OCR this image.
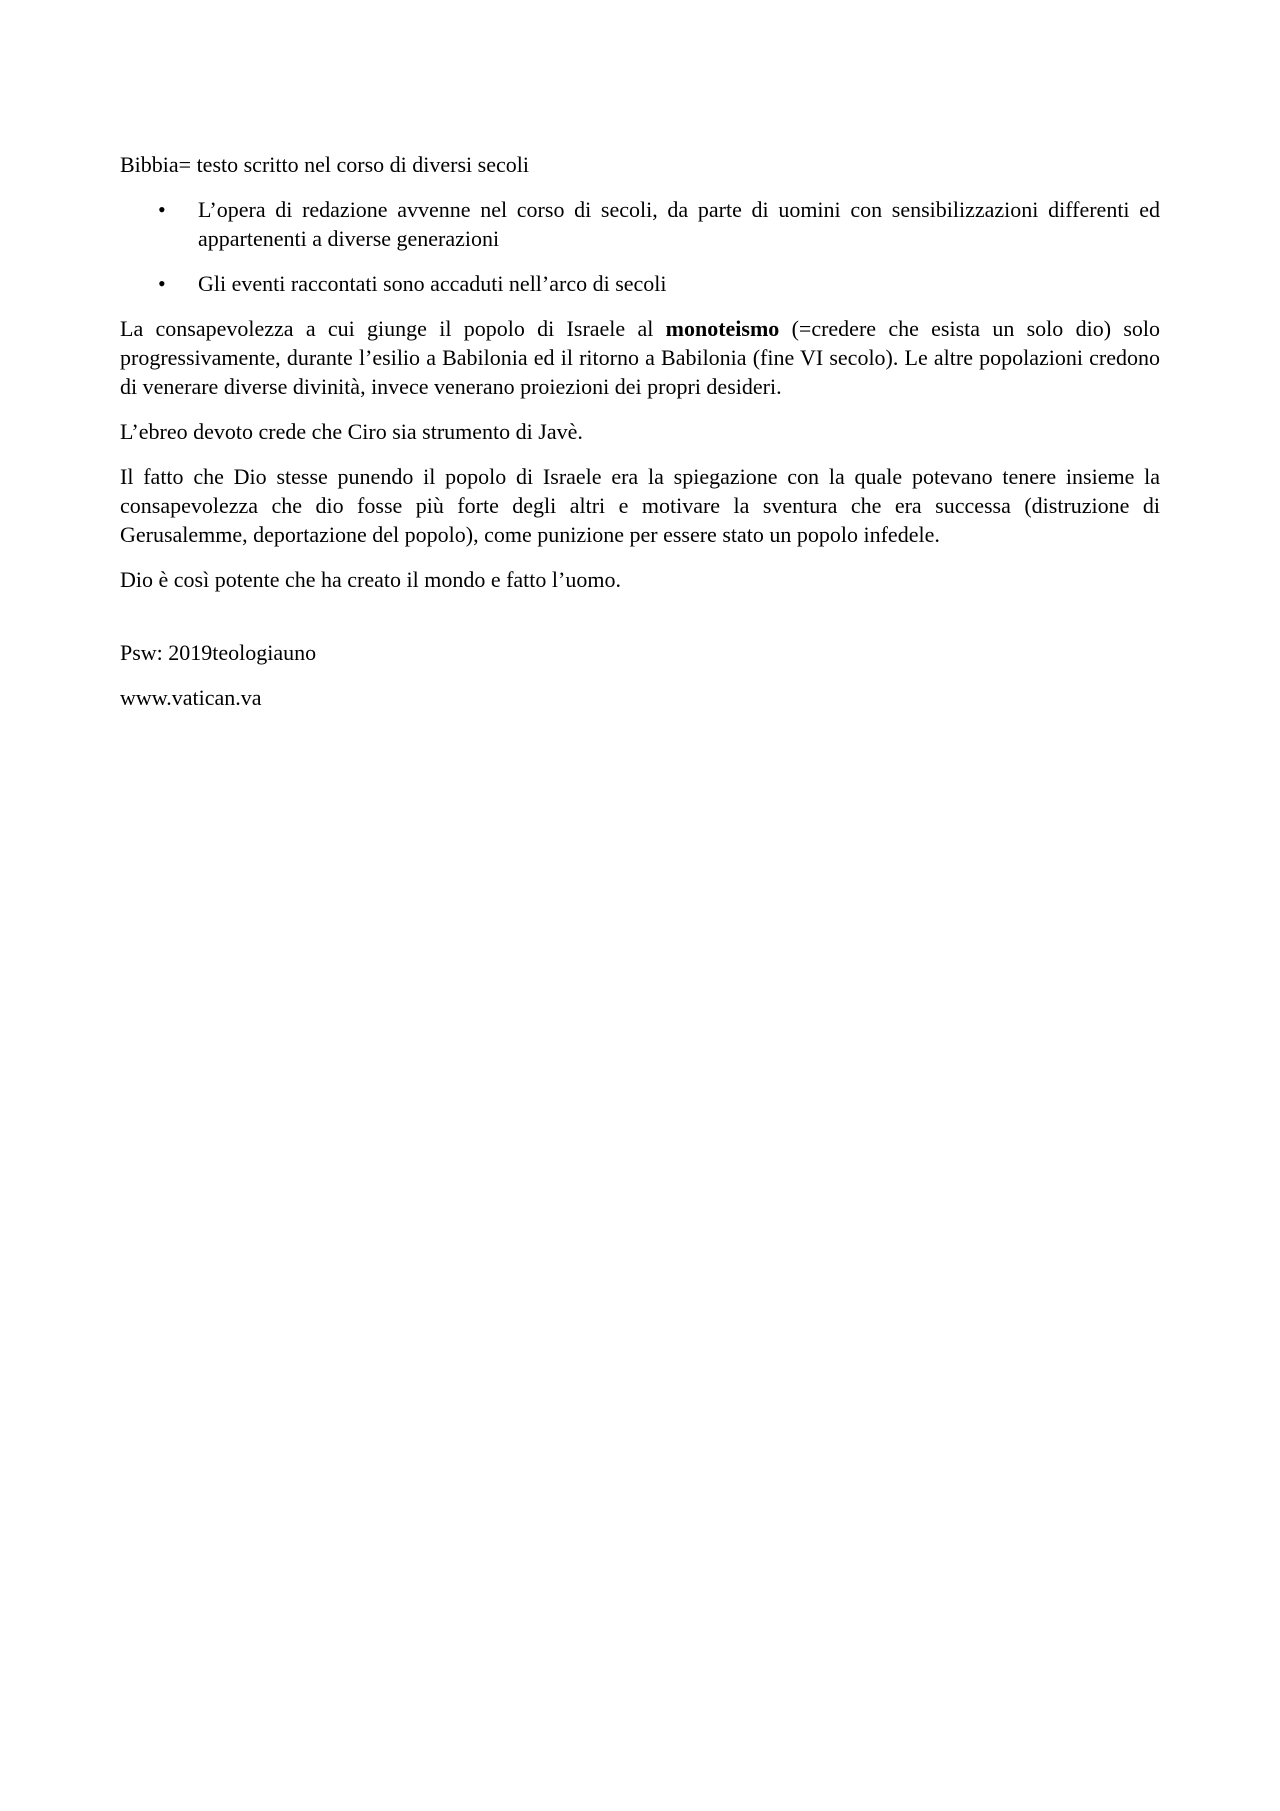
Bibbia= testo scritto nel corso di diversi secoli

• L’opera di redazione avvenne nel corso di secoli, da parte di uomini con sensibilizzazioni differenti ed appartenenti a diverse generazioni
• Gli eventi raccontati sono accaduti nell’arco di secoli

La consapevolezza a cui giunge il popolo di Israele al monoteismo (=credere che esista un solo dio) solo progressivamente, durante l’esilio a Babilonia ed il ritorno a Babilonia (fine VI secolo). Le altre popolazioni credono di venerare diverse divinità, invece venerano proiezioni dei propri desideri.

L’ebreo devoto crede che Ciro sia strumento di Javè.

Il fatto che Dio stesse punendo il popolo di Israele era la spiegazione con la quale potevano tenere insieme la consapevolezza che dio fosse più forte degli altri e motivare la sventura che era successa (distruzione di Gerusalemme, deportazione del popolo), come punizione per essere stato un popolo infedele.

Dio è così potente che ha creato il mondo e fatto l’uomo.

Psw: 2019teologiauno

www.vatican.va
